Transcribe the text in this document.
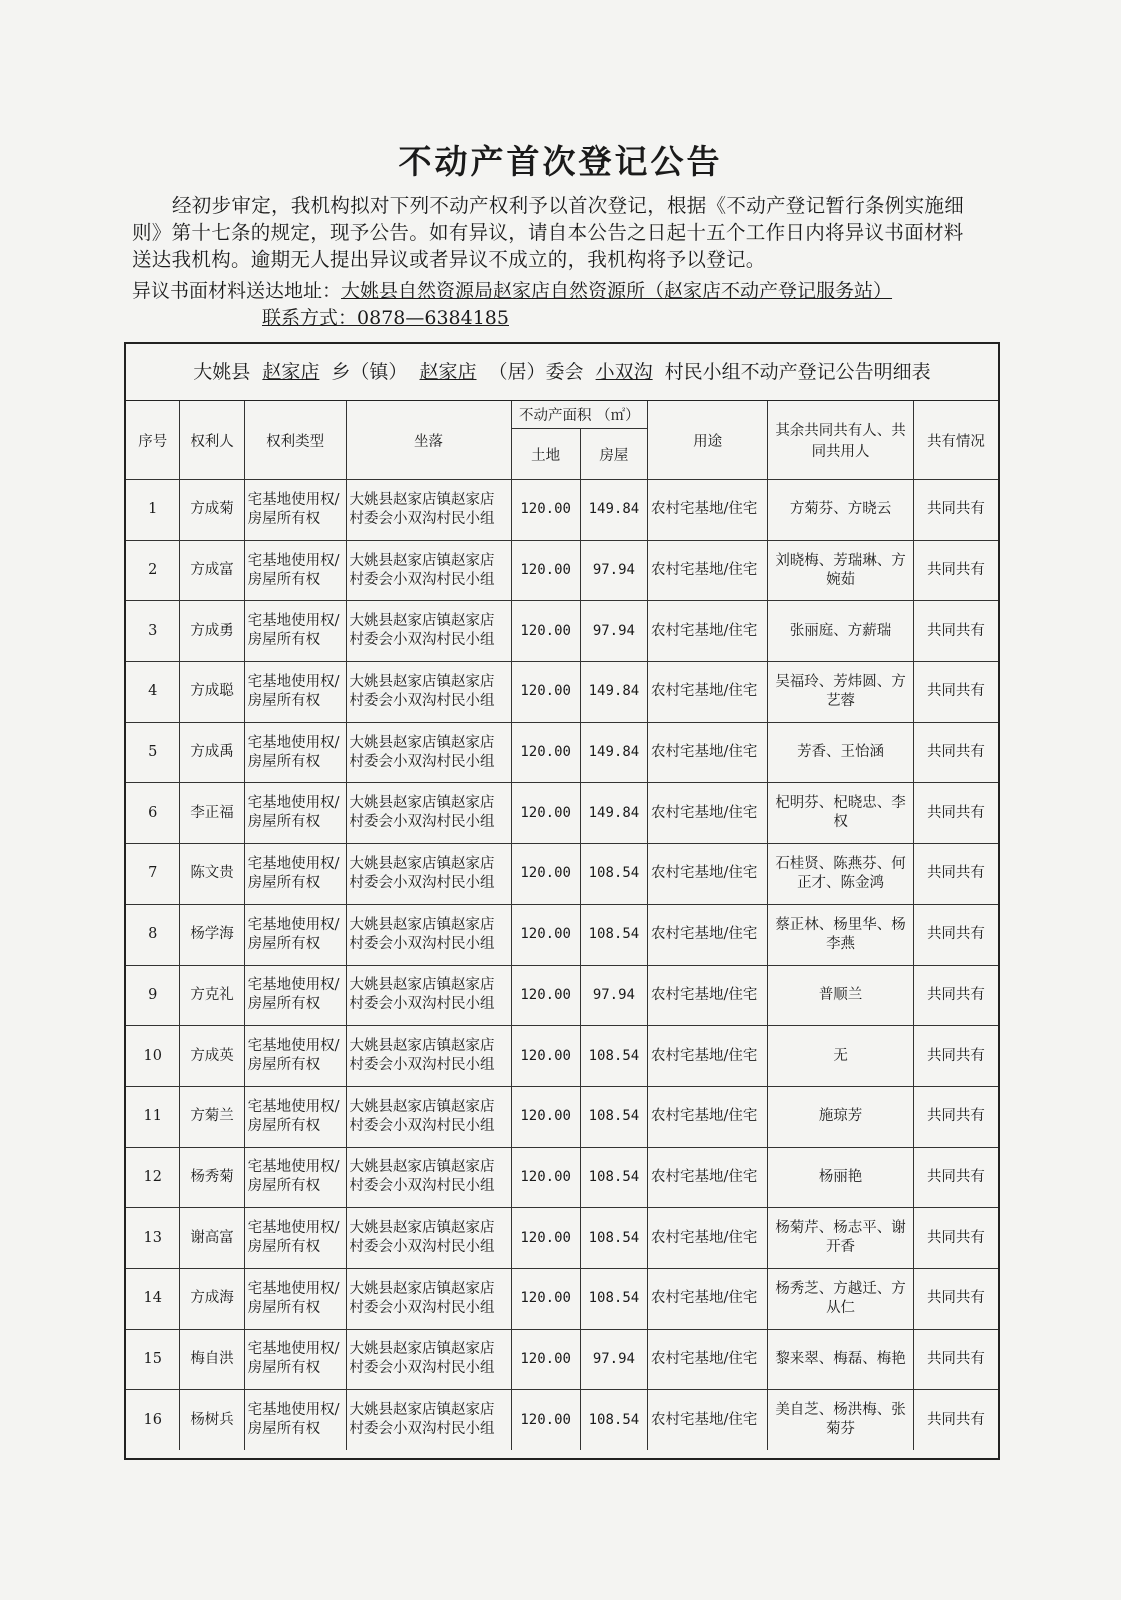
不动产首次登记公告

经初步审定，我机构拟对下列不动产权利予以首次登记，根据《不动产登记暂行条例实施细则》第十七条的规定，现予公告。如有异议，请自本公告之日起十五个工作日内将异议书面材料送达我机构。逾期无人提出异议或者异议不成立的，我机构将予以登记。

异议书面材料送达地址：大姚县自然资源局赵家店自然资源所（赵家店不动产登记服务站）
联系方式：0878—6384185
大姚县 赵家店 乡（镇） 赵家店 （居）委会 小双沟 村民小组不动产登记公告明细表
序号	权利人	权利类型	坐落	不动产面积 （㎡）		用途	其余共同共有人、共同共用人	共有情况
				土地	房屋			
1	方成菊	宅基地使用权/房屋所有权	大姚县赵家店镇赵家店村委会小双沟村民小组	120.00	149.84	农村宅基地/住宅	方菊芬、方晓云	共同共有
2	方成富	宅基地使用权/房屋所有权	大姚县赵家店镇赵家店村委会小双沟村民小组	120.00	97.94	农村宅基地/住宅	刘晓梅、芳瑞琳、方婉茹	共同共有
3	方成勇	宅基地使用权/房屋所有权	大姚县赵家店镇赵家店村委会小双沟村民小组	120.00	97.94	农村宅基地/住宅	张丽庭、方薪瑞	共同共有
4	方成聪	宅基地使用权/房屋所有权	大姚县赵家店镇赵家店村委会小双沟村民小组	120.00	149.84	农村宅基地/住宅	吴福玲、芳炜圆、方艺蓉	共同共有
5	方成禹	宅基地使用权/房屋所有权	大姚县赵家店镇赵家店村委会小双沟村民小组	120.00	149.84	农村宅基地/住宅	芳香、王怡涵	共同共有
6	李正福	宅基地使用权/房屋所有权	大姚县赵家店镇赵家店村委会小双沟村民小组	120.00	149.84	农村宅基地/住宅	杞明芬、杞晓忠、李权	共同共有
7	陈文贵	宅基地使用权/房屋所有权	大姚县赵家店镇赵家店村委会小双沟村民小组	120.00	108.54	农村宅基地/住宅	石桂贤、陈燕芬、何正才、陈金鸿	共同共有
8	杨学海	宅基地使用权/房屋所有权	大姚县赵家店镇赵家店村委会小双沟村民小组	120.00	108.54	农村宅基地/住宅	蔡正林、杨里华、杨李燕	共同共有
9	方克礼	宅基地使用权/房屋所有权	大姚县赵家店镇赵家店村委会小双沟村民小组	120.00	97.94	农村宅基地/住宅	普顺兰	共同共有
10	方成英	宅基地使用权/房屋所有权	大姚县赵家店镇赵家店村委会小双沟村民小组	120.00	108.54	农村宅基地/住宅	无	共同共有
11	方菊兰	宅基地使用权/房屋所有权	大姚县赵家店镇赵家店村委会小双沟村民小组	120.00	108.54	农村宅基地/住宅	施琼芳	共同共有
12	杨秀菊	宅基地使用权/房屋所有权	大姚县赵家店镇赵家店村委会小双沟村民小组	120.00	108.54	农村宅基地/住宅	杨丽艳	共同共有
13	谢高富	宅基地使用权/房屋所有权	大姚县赵家店镇赵家店村委会小双沟村民小组	120.00	108.54	农村宅基地/住宅	杨菊芹、杨志平、谢开香	共同共有
14	方成海	宅基地使用权/房屋所有权	大姚县赵家店镇赵家店村委会小双沟村民小组	120.00	108.54	农村宅基地/住宅	杨秀芝、方越迁、方从仁	共同共有
15	梅自洪	宅基地使用权/房屋所有权	大姚县赵家店镇赵家店村委会小双沟村民小组	120.00	97.94	农村宅基地/住宅	黎来翠、梅磊、梅艳	共同共有
16	杨树兵	宅基地使用权/房屋所有权	大姚县赵家店镇赵家店村委会小双沟村民小组	120.00	108.54	农村宅基地/住宅	美自芝、杨洪梅、张菊芬	共同共有
